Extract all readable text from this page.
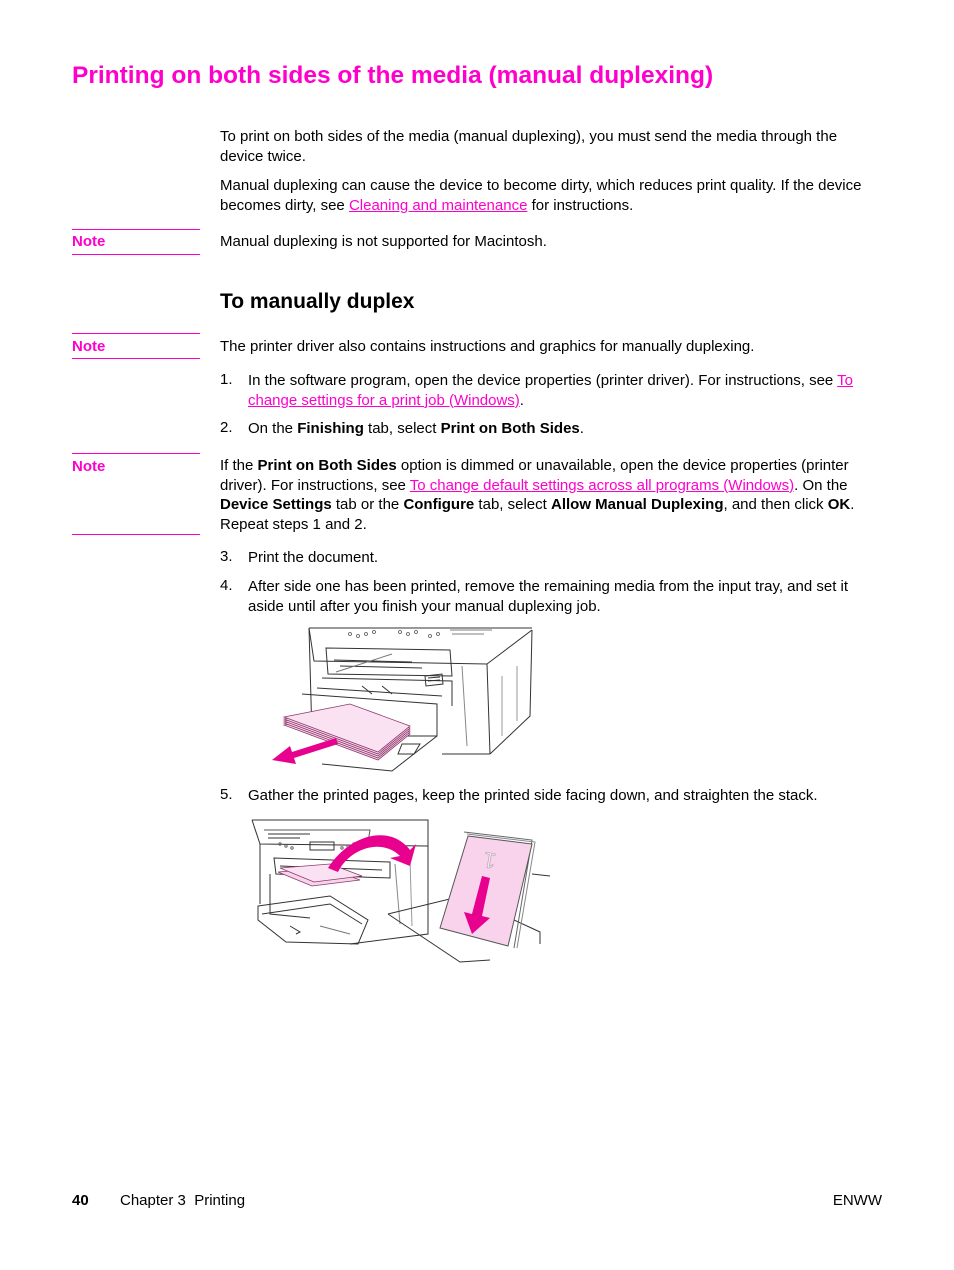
Printing on both sides of the media (manual duplexing)

To print on both sides of the media (manual duplexing), you must send the media through the device twice.

Manual duplexing can cause the device to become dirty, which reduces print quality. If the device becomes dirty, see Cleaning and maintenance for instructions.

Note	Manual duplexing is not supported for Macintosh.

To manually duplex
Note	The printer driver also contains instructions and graphics for manually duplexing.

1.	In the software program, open the device properties (printer driver). For instructions, see To change settings for a print job (Windows).

2.	On the Finishing tab, select Print on Both Sides.

Note	If the Print on Both Sides option is dimmed or unavailable, open the device properties (printer driver). For instructions, see To change default settings across all programs (Windows). On the Device Settings tab or the Configure tab, select Allow Manual Duplexing, and then click OK. Repeat steps 1 and 2.

3.	Print the document.

4.	After side one has been printed, remove the remaining media from the input tray, and set it aside until after you finish your manual duplexing job.

5.	Gather the printed pages, keep the printed side facing down, and straighten the stack.

1
40 Chapter 3  Printing	ENWW
